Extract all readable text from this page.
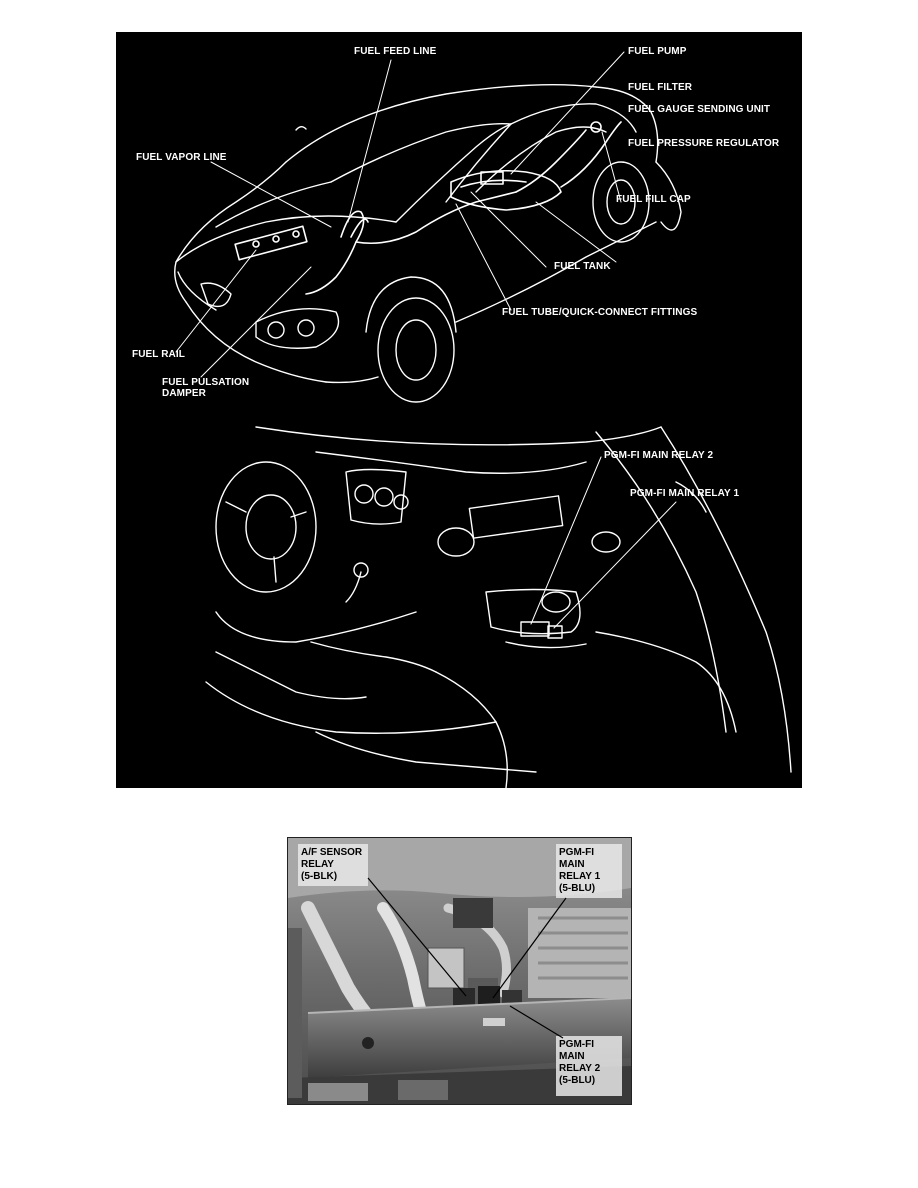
FUEL FEED LINE	FUEL PUMP
FUEL FILTER
FUEL GAUGE SENDING UNIT
FUEL PRESSURE REGULATOR
FUEL VAPOR LINE
FUEL FILL CAP
FUEL TANK
FUEL TUBE/QUICK-CONNECT FITTINGS
FUEL RAIL
FUEL PULSATION
DAMPER
PGM-FI MAIN RELAY 2
PGM-FI MAIN RELAY 1
A/F SENSOR
RELAY
(5-BLK)
PGM-FI
MAIN
RELAY 1
(5-BLU)
PGM-FI
MAIN
RELAY 2
(5-BLU)
